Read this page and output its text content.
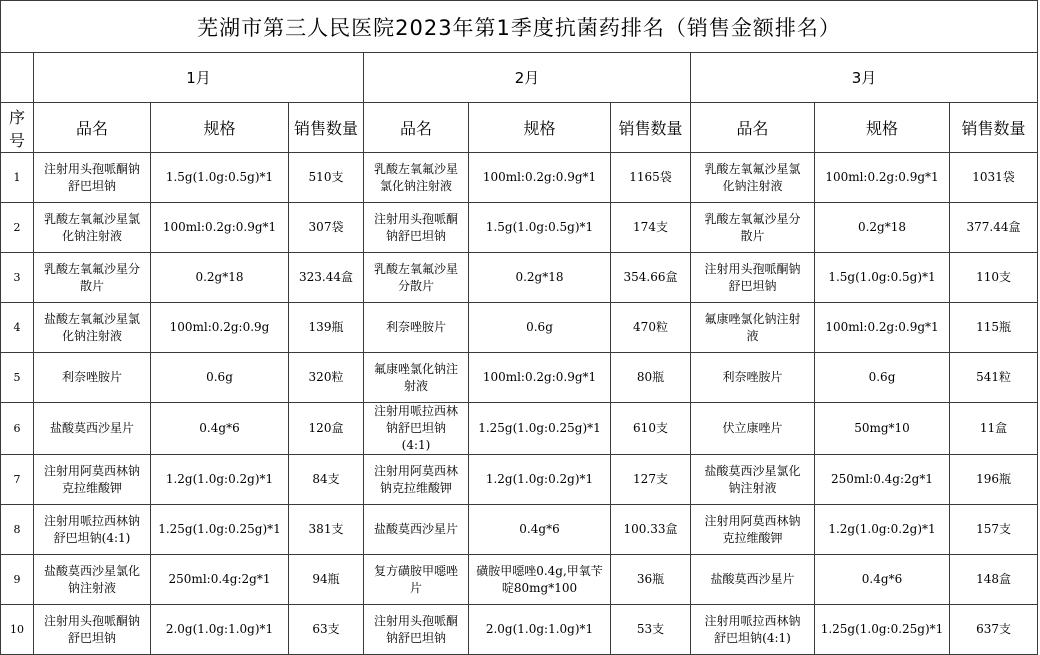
芜湖市第三人民医院2023年第1季度抗菌药排名（销售金额排名）									
	1月			2月			3月		
序号	品名	规格	销售数量	品名	规格	销售数量	品名	规格	销售数量
1	注射用头孢哌酮钠舒巴坦钠	1.5g(1.0g:0.5g)*1	510支	乳酸左氧氟沙星氯化钠注射液	100ml:0.2g:0.9g*1	1165袋	乳酸左氧氟沙星氯化钠注射液	100ml:0.2g:0.9g*1	1031袋
2	乳酸左氧氟沙星氯化钠注射液	100ml:0.2g:0.9g*1	307袋	注射用头孢哌酮钠舒巴坦钠	1.5g(1.0g:0.5g)*1	174支	乳酸左氧氟沙星分散片	0.2g*18	377.44盒
3	乳酸左氧氟沙星分散片	0.2g*18	323.44盒	乳酸左氧氟沙星分散片	0.2g*18	354.66盒	注射用头孢哌酮钠舒巴坦钠	1.5g(1.0g:0.5g)*1	110支
4	盐酸左氧氟沙星氯化钠注射液	100ml:0.2g:0.9g	139瓶	利奈唑胺片	0.6g	470粒	氟康唑氯化钠注射液	100ml:0.2g:0.9g*1	115瓶
5	利奈唑胺片	0.6g	320粒	氟康唑氯化钠注射液	100ml:0.2g:0.9g*1	80瓶	利奈唑胺片	0.6g	541粒
6	盐酸莫西沙星片	0.4g*6	120盒	注射用哌拉西林钠舒巴坦钠(4:1)	1.25g(1.0g:0.25g)*1	610支	伏立康唑片	50mg*10	11盒
7	注射用阿莫西林钠克拉维酸钾	1.2g(1.0g:0.2g)*1	84支	注射用阿莫西林钠克拉维酸钾	1.2g(1.0g:0.2g)*1	127支	盐酸莫西沙星氯化钠注射液	250ml:0.4g:2g*1	196瓶
8	注射用哌拉西林钠舒巴坦钠(4:1)	1.25g(1.0g:0.25g)*1	381支	盐酸莫西沙星片	0.4g*6	100.33盒	注射用阿莫西林钠克拉维酸钾	1.2g(1.0g:0.2g)*1	157支
9	盐酸莫西沙星氯化钠注射液	250ml:0.4g:2g*1	94瓶	复方磺胺甲噁唑片	磺胺甲噁唑0.4g,甲氧苄啶80mg*100	36瓶	盐酸莫西沙星片	0.4g*6	148盒
10	注射用头孢哌酮钠舒巴坦钠	2.0g(1.0g:1.0g)*1	63支	注射用头孢哌酮钠舒巴坦钠	2.0g(1.0g:1.0g)*1	53支	注射用哌拉西林钠舒巴坦钠(4:1)	1.25g(1.0g:0.25g)*1	637支
